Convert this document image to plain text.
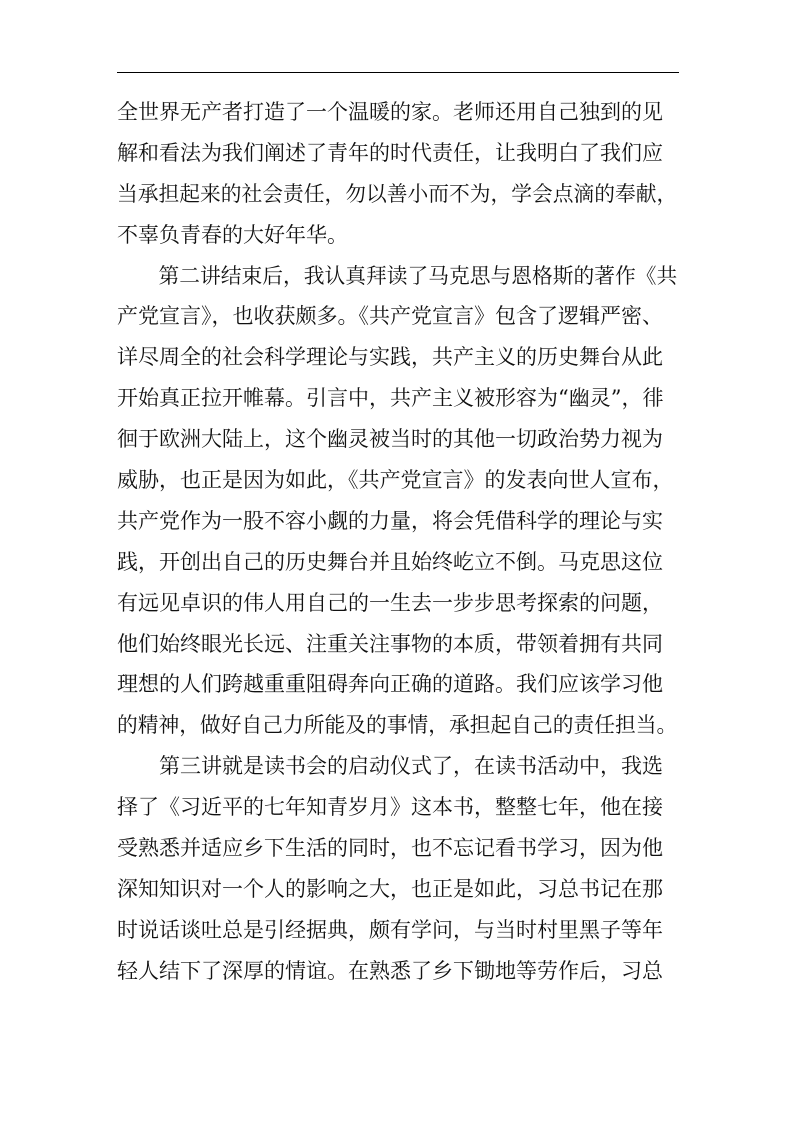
全世界无产者打造了一个温暖的家。老师还用自己独到的见
解和看法为我们阐述了青年的时代责任，让我明白了我们应
当承担起来的社会责任，勿以善小而不为，学会点滴的奉献，
不辜负青春的大好年华。
　　第二讲结束后，我认真拜读了马克思与恩格斯的著作《共
产党宣言》，也收获颇多。《共产党宣言》包含了逻辑严密、
详尽周全的社会科学理论与实践，共产主义的历史舞台从此
开始真正拉开帷幕。引言中，共产主义被形容为“幽灵”，徘
徊于欧洲大陆上，这个幽灵被当时的其他一切政治势力视为
威胁，也正是因为如此，《共产党宣言》的发表向世人宣布，
共产党作为一股不容小觑的力量，将会凭借科学的理论与实
践，开创出自己的历史舞台并且始终屹立不倒。马克思这位
有远见卓识的伟人用自己的一生去一步步思考探索的问题，
他们始终眼光长远、注重关注事物的本质，带领着拥有共同
理想的人们跨越重重阻碍奔向正确的道路。我们应该学习他
的精神，做好自己力所能及的事情，承担起自己的责任担当。
　　第三讲就是读书会的启动仪式了，在读书活动中，我选
择了《习近平的七年知青岁月》这本书，整整七年，他在接
受熟悉并适应乡下生活的同时，也不忘记看书学习，因为他
深知知识对一个人的影响之大，也正是如此，习总书记在那
时说话谈吐总是引经据典，颇有学问，与当时村里黑子等年
轻人结下了深厚的情谊。在熟悉了乡下锄地等劳作后，习总
